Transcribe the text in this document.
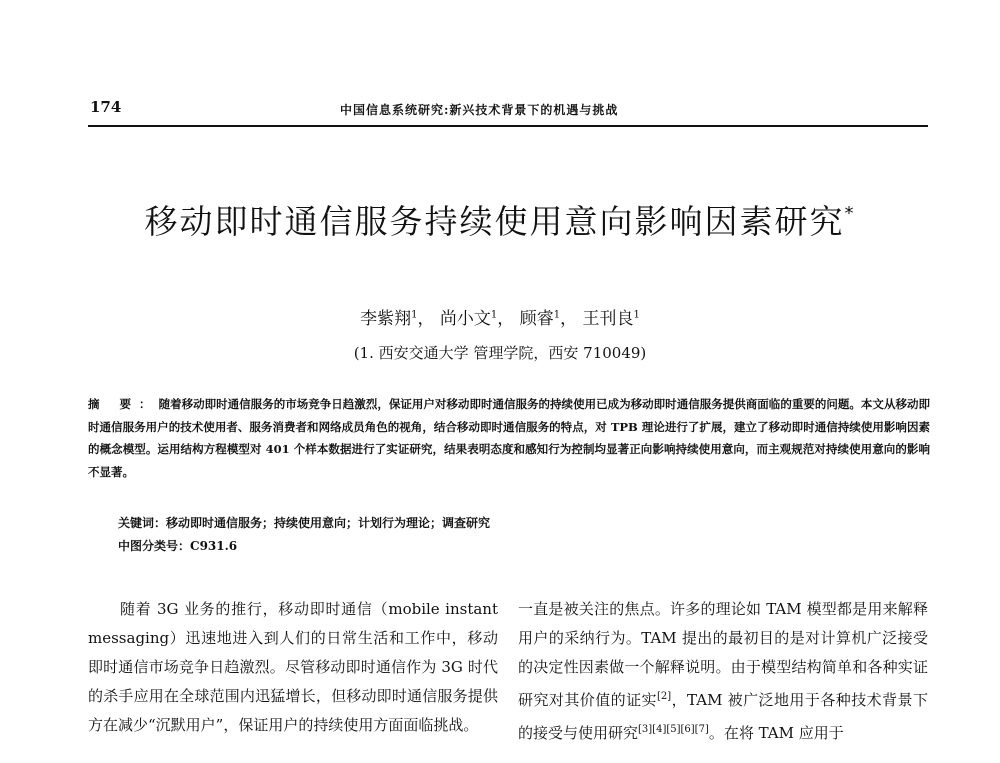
174	中国信息系统研究:新兴技术背景下的机遇与挑战
移动即时通信服务持续使用意向影响因素研究*
李紫翔$^1$， 尚小文$^1$， 顾睿$^1$， 王刊良$^1$
(1. 西安交通大学 管理学院，西安 710049)

摘 要：随着移动即时通信服务的市场竞争日趋激烈，保证用户对移动即时通信服务的持续使用已成为移动即时通信服务提供商面临的重要的问题。本文从移动即时通信服务用户的技术使用者、服务消费者和网络成员角色的视角，结合移动即时通信服务的特点，对 TPB 理论进行了扩展，建立了移动即时通信持续使用影响因素的概念模型。运用结构方程模型对 401 个样本数据进行了实证研究，结果表明态度和感知行为控制均显著正向影响持续使用意向，而主观规范对持续使用意向的影响不显著。

关键词：移动即时通信服务；持续使用意向；计划行为理论；调查研究

中图分类号：C931.6

随着 3G 业务的推行，移动即时通信（mobile instant messaging）迅速地进入到人们的日常生活和工作中，移动即时通信市场竞争日趋激烈。尽管移动即时通信作为 3G 时代的杀手应用在全球范围内迅猛增长，但移动即时通信服务提供方在减少“沉默用户”，保证用户的持续使用方面面临挑战。

一直是被关注的焦点。许多的理论如 TAM 模型都是用来解释用户的采纳行为。TAM 提出的最初目的是对计算机广泛接受的决定性因素做一个解释说明。由于模型结构简单和各种实证研究对其价值的证实[2]，TAM 被广泛地用于各种技术背景下的接受与使用研究[3][4][5][6][7]。在将 TAM 应用于
